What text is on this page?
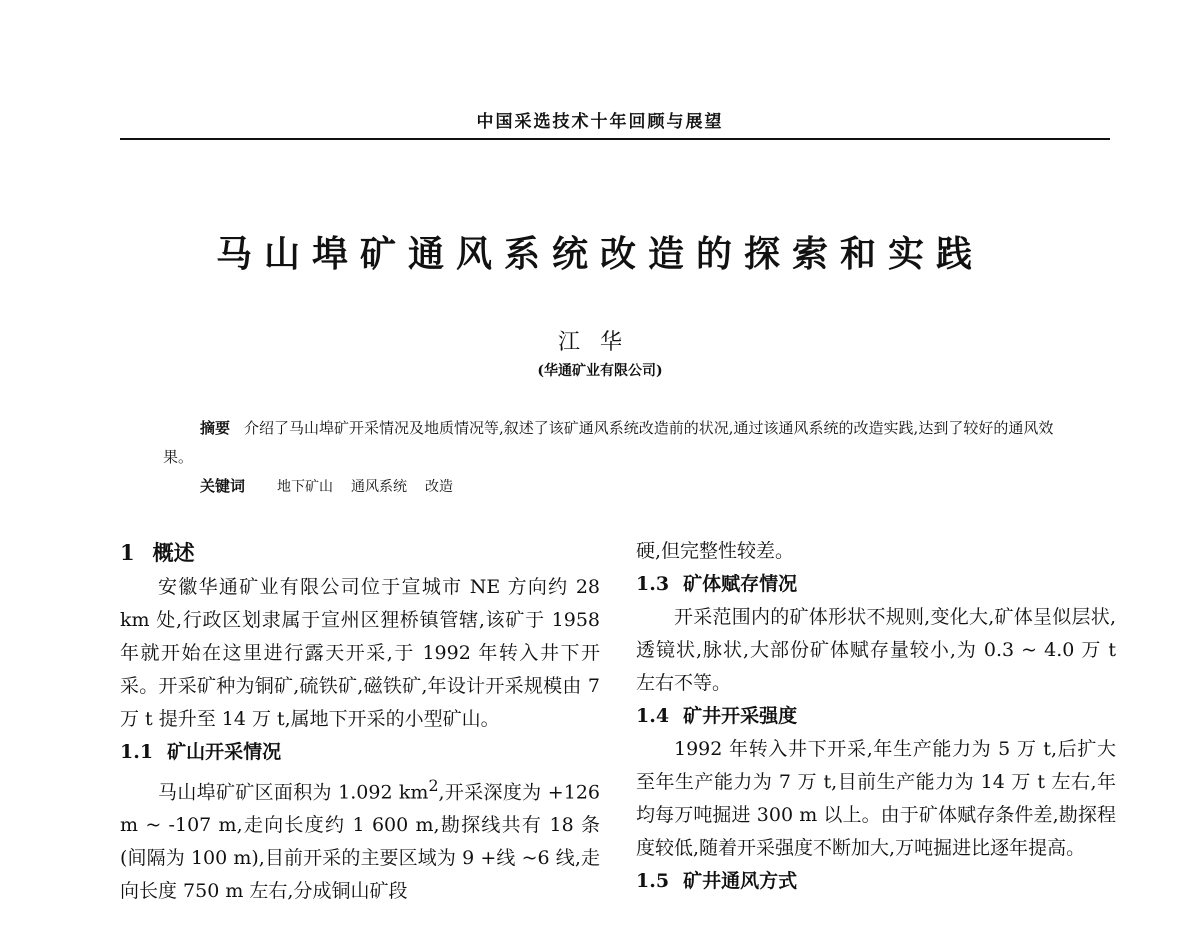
中国采选技术十年回顾与展望
马山埠矿通风系统改造的探索和实践
江华
(华通矿业有限公司)

摘要 介绍了马山埠矿开采情况及地质情况等,叙述了该矿通风系统改造前的状况,通过该通风系统的改造实践,达到了较好的通风效果。

关键词 地下矿山 通风系统 改造

1 概述

安徽华通矿业有限公司位于宣城市 NE 方向约 28 km 处,行政区划隶属于宣州区狸桥镇管辖,该矿于 1958 年就开始在这里进行露天开采,于 1992 年转入井下开采。开采矿种为铜矿,硫铁矿,磁铁矿,年设计开采规模由 7 万 t 提升至 14 万 t,属地下开采的小型矿山。

1.1 矿山开采情况

马山埠矿矿区面积为 1.092 $km^2$,开采深度为 +126 m ~ -107 m,走向长度约 1 600 m,勘探线共有 18 条(间隔为 100 m),目前开采的主要区域为 9 +线 ~6 线,走向长度 750 m 左右,分成铜山矿段

硬,但完整性较差。

1.3 矿体赋存情况

开采范围内的矿体形状不规则,变化大,矿体呈似层状,透镜状,脉状,大部份矿体赋存量较小,为 0.3 ~ 4.0 万 t 左右不等。

1.4 矿井开采强度

1992 年转入井下开采,年生产能力为 5 万 t,后扩大至年生产能力为 7 万 t,目前生产能力为 14 万 t 左右,年均每万吨掘进 300 m 以上。由于矿体赋存条件差,勘探程度较低,随着开采强度不断加大,万吨掘进比逐年提高。

1.5 矿井通风方式
